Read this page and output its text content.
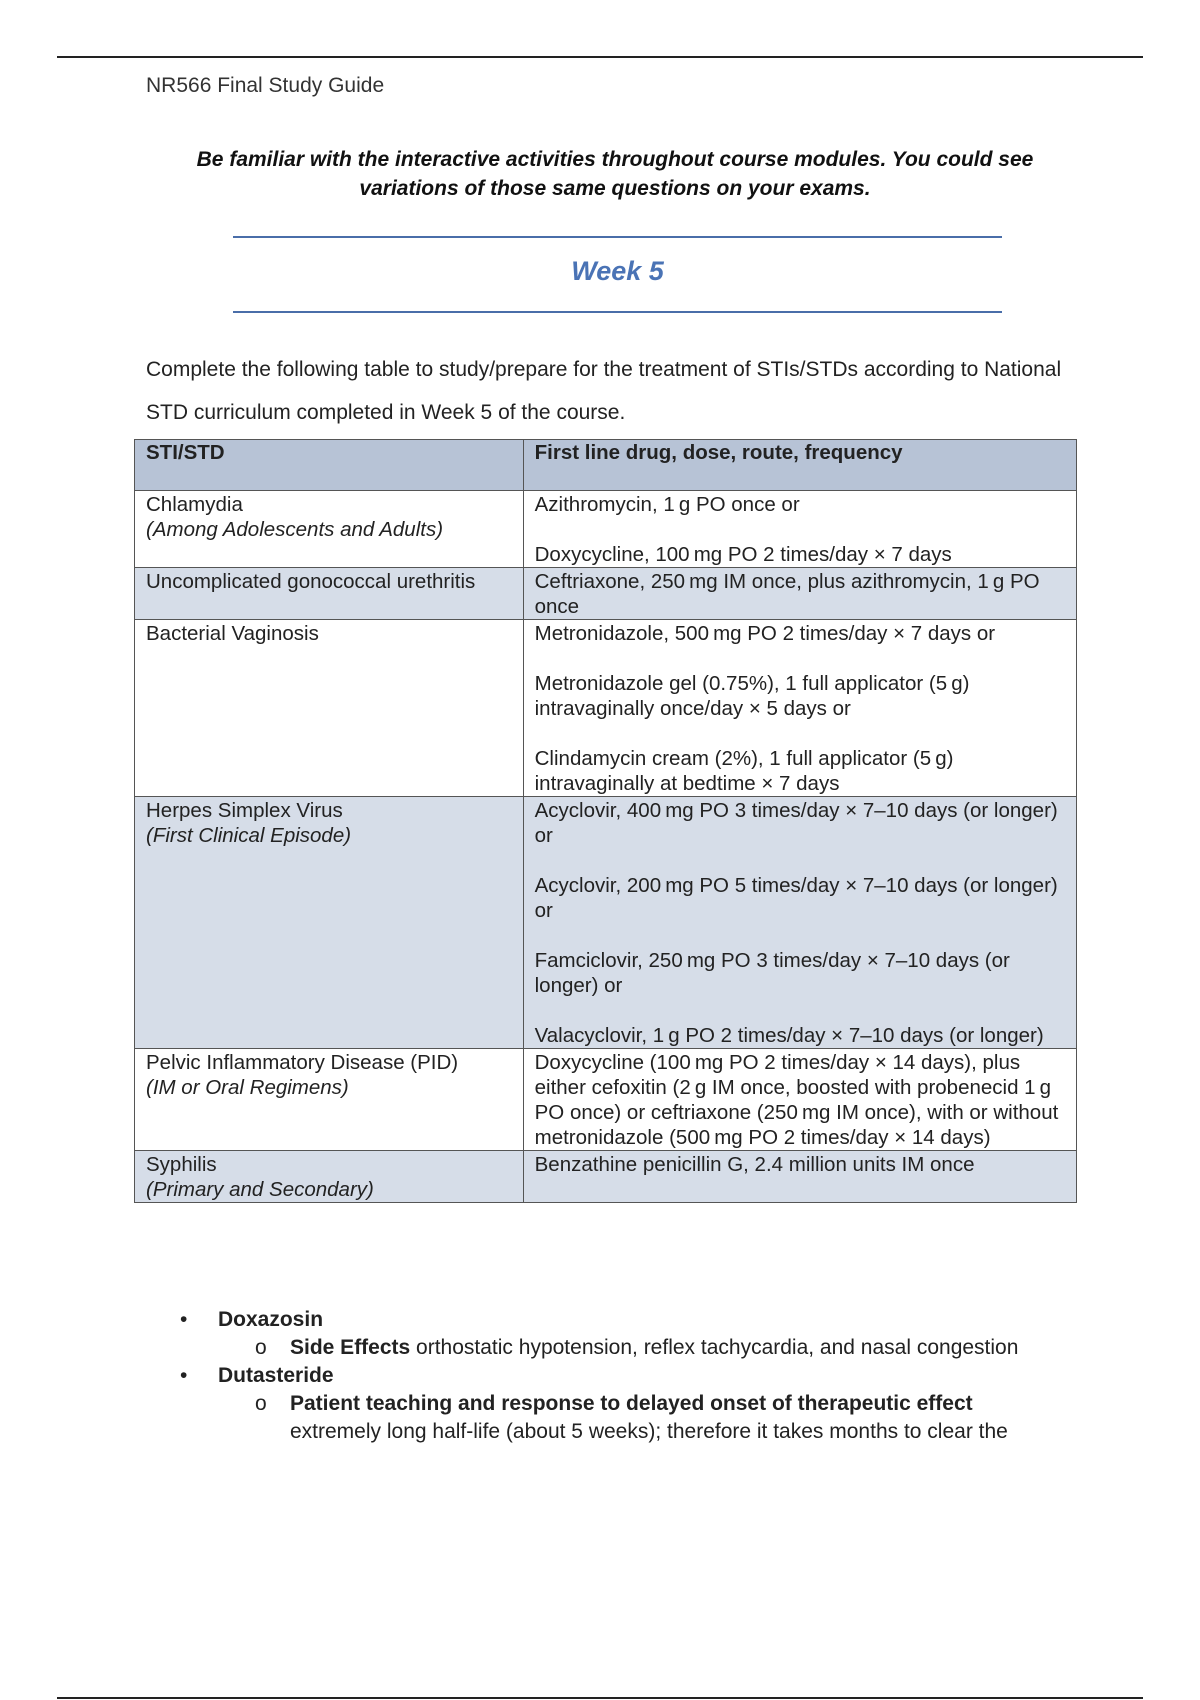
NR566 Final Study Guide
Be familiar with the interactive activities throughout course modules. You could see
variations of those same questions on your exams.
Week 5
Complete the following table to study/prepare for the treatment of STIs/STDs according to National STD curriculum completed in Week 5 of the course.
STI/STD	First line drug, dose, route, frequency

Chlamydia
(Among Adolescents and Adults)	Azithromycin, 1 g PO once or
Doxycycline, 100 mg PO 2 times/day × 7 days

Uncomplicated gonococcal urethritis	Ceftriaxone, 250 mg IM once, plus azithromycin, 1 g PO once

Bacterial Vaginosis	Metronidazole, 500 mg PO 2 times/day × 7 days or
Metronidazole gel (0.75%), 1 full applicator (5 g) intravaginally once/day × 5 days or
Clindamycin cream (2%), 1 full applicator (5 g) intravaginally at bedtime × 7 days

Herpes Simplex Virus
(First Clinical Episode)	Acyclovir, 400 mg PO 3 times/day × 7–10 days (or longer) or
Acyclovir, 200 mg PO 5 times/day × 7–10 days (or longer) or
Famciclovir, 250 mg PO 3 times/day × 7–10 days (or longer) or
Valacyclovir, 1 g PO 2 times/day × 7–10 days (or longer)

Pelvic Inflammatory Disease (PID)
(IM or Oral Regimens)	Doxycycline (100 mg PO 2 times/day × 14 days), plus either cefoxitin (2 g IM once, boosted with probenecid 1 g PO once) or ceftriaxone (250 mg IM once), with or without metronidazole (500 mg PO 2 times/day × 14 days)

Syphilis
(Primary and Secondary)	Benzathine penicillin G, 2.4 million units IM once
• Doxazosin
o Side Effects orthostatic hypotension, reflex tachycardia, and nasal congestion
• Dutasteride
o Patient teaching and response to delayed onset of therapeutic effect
extremely long half-life (about 5 weeks); therefore it takes months to clear the
